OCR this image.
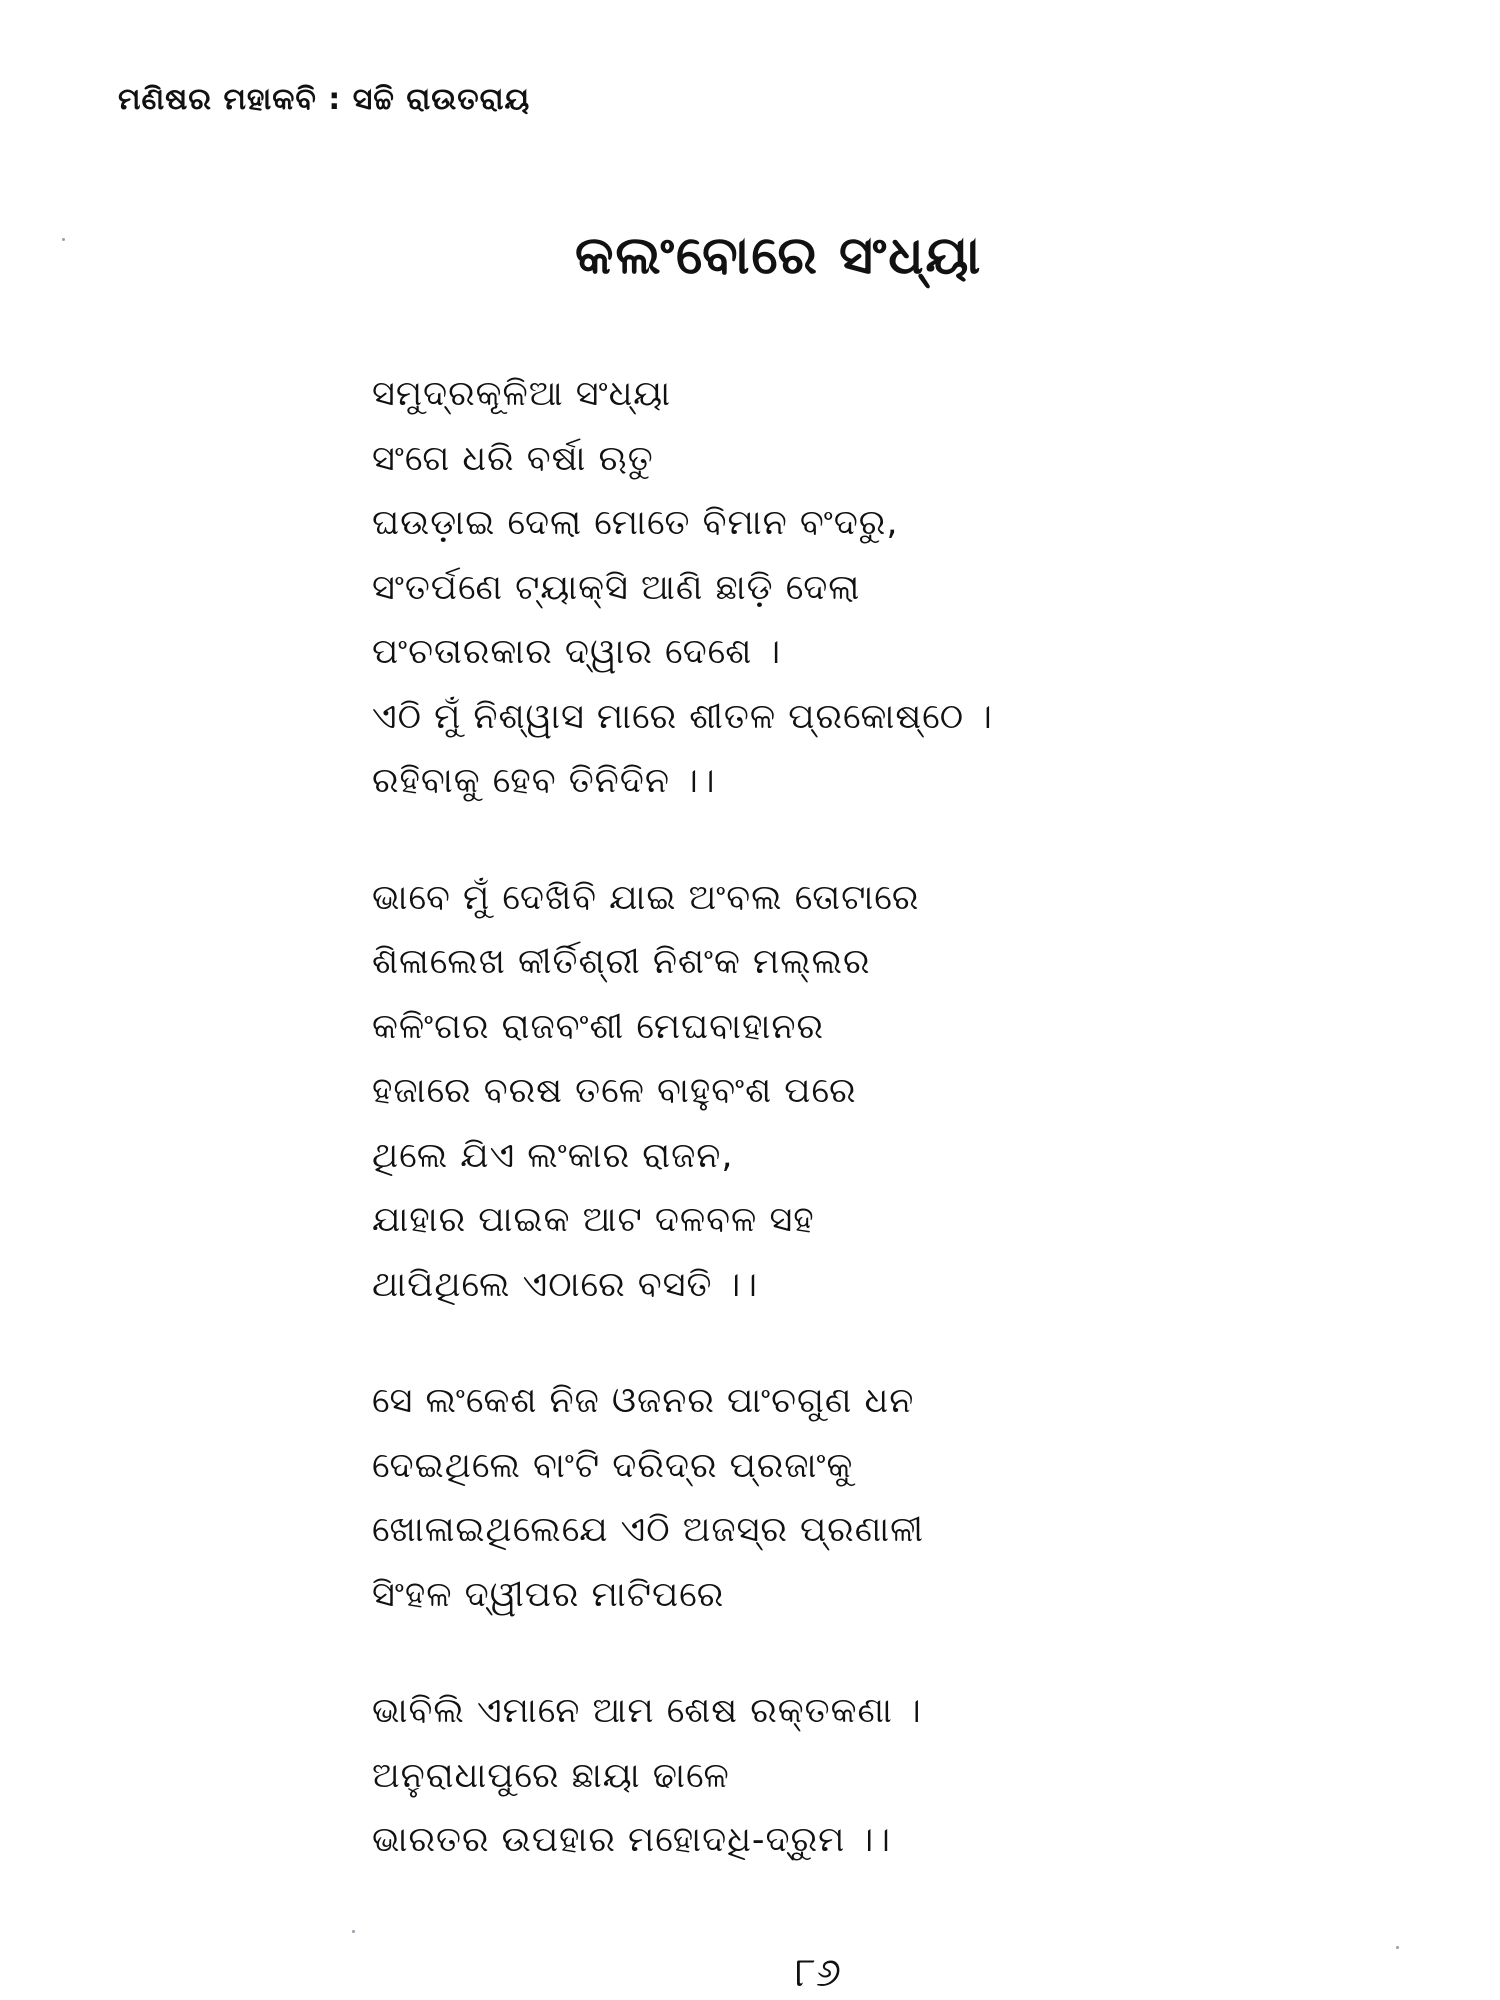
ମଣିଷର ମହାକବି : ସଚ୍ଚି ରାଉତରାୟ
କଲଂବୋରେ ସଂଧ୍ୟା
ସମୁଦ୍ରକୂଳିଆ ସଂଧ୍ୟା
ସଂଗେ ଧରି ବର୍ଷା ଋତୁ
ଘଉଡ଼ାଇ ଦେଲା ମୋତେ ବିମାନ ବଂଦରୁ,
ସଂତର୍ପଣେ ଟ୍ୟାକ୍ସି ଆଣି ଛାଡ଼ି ଦେଲା
ପଂଚତାରକାର ଦ୍ୱାର ଦେଶେ ।
ଏଠି ମୁଁ ନିଶ୍ୱାସ ମାରେ ଶୀତଳ ପ୍ରକୋଷ୍ଠେ ।
ରହିବାକୁ ହେବ ତିନିଦିନ ।।
ଭାବେ ମୁଁ ଦେଖିବି ଯାଇ ଅଂବଲ ତୋଟାରେ
ଶିଳାଲେଖ କୀର୍ତିଶ୍ରୀ ନିଶଂକ ମଲ୍ଲର
କଳିଂଗର ରାଜବଂଶୀ ମେଘବାହାନର
ହଜାରେ ବରଷ ତଳେ ବାହୁବଂଶ ପରେ
ଥିଲେ ଯିଏ ଲଂକାର ରାଜନ,
ଯାହାର ପାଇକ ଆଟ ଦଳବଳ ସହ
ଥାପିଥିଲେ ଏଠାରେ ବସତି ।।
ସେ ଲଂକେଶ ନିଜ ଓଜନର ପାଂଚଗୁଣ ଧନ
ଦେଇଥିଲେ ବାଂଟି ଦରିଦ୍ର ପ୍ରଜାଂକୁ
ଖୋଳାଇଥିଲେଯେ ଏଠି ଅଜସ୍ର ପ୍ରଣାଳୀ
ସିଂହଳ ଦ୍ୱୀପର ମାଟିପରେ
ଭାବିଲି ଏମାନେ ଆମ ଶେଷ ରକ୍ତକଣା ।
ଅନୁରାଧାପୁରେ ଛାୟା ଢାଳେ
ଭାରତର ଉପହାର ମହୋଦଧି-ଦ୍ରୁମ ।।
୮୬
